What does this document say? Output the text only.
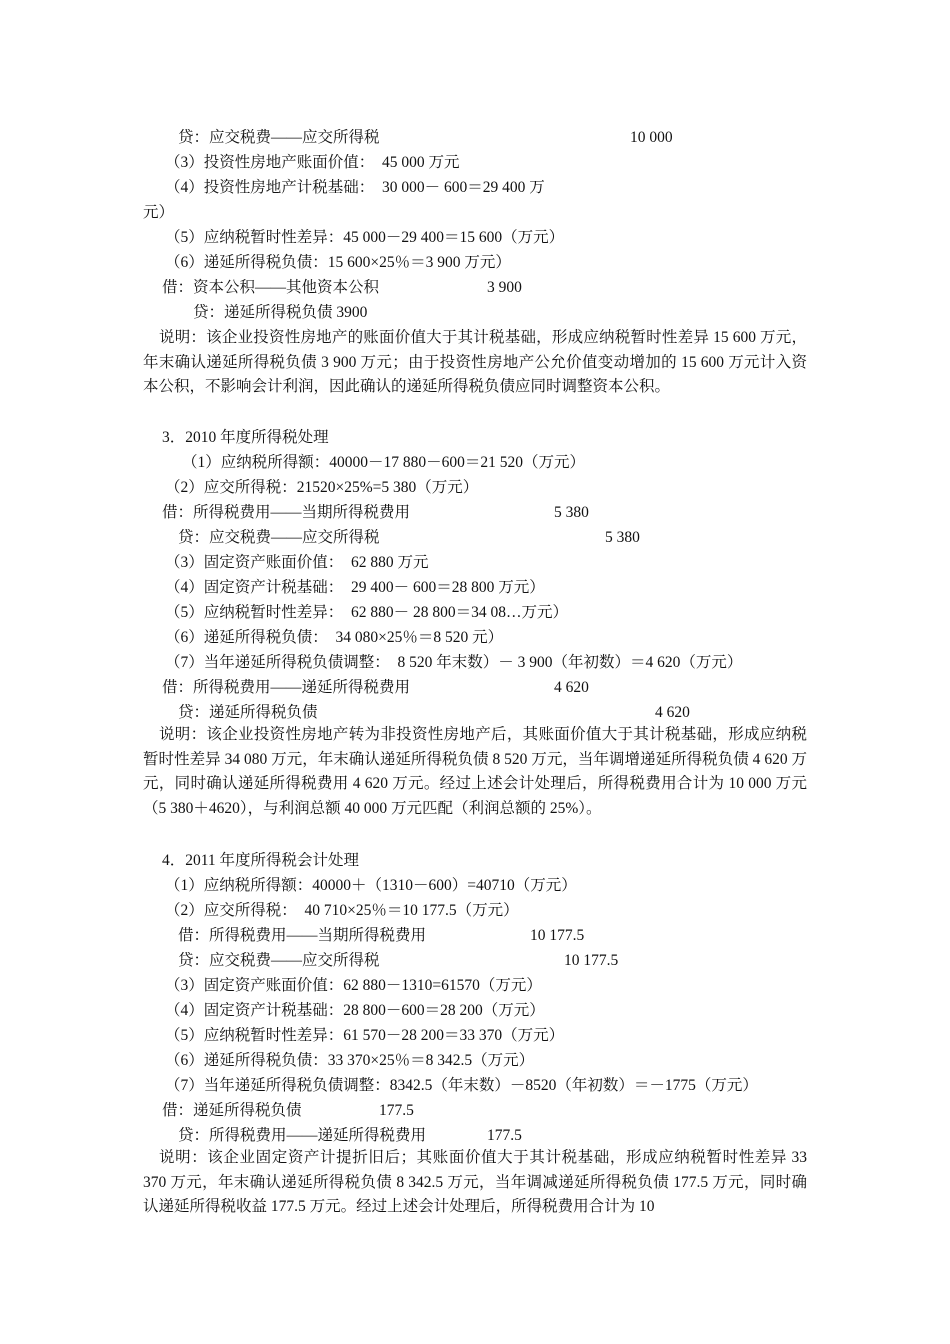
贷：应交税费——应交所得税	10 000
（3）投资性房地产账面价值：　45 000 万元
（4）投资性房地产计税基础：　30 000－ 600＝29 400 万
元）
（5）应纳税暂时性差异：45 000－29 400＝15 600（万元）
（6）递延所得税负债：15 600×25％＝3 900 万元）
借：资本公积——其他资本公积	3 900
贷：递延所得税负债 3900

说明：该企业投资性房地产的账面价值大于其计税基础，形成应纳税暂时性差异 15 600 万元，年末确认递延所得税负债 3 900 万元；由于投资性房地产公允价值变动增加的 15 600 万元计入资本公积，不影响会计利润，因此确认的递延所得税负债应同时调整资本公积。

3．2010 年度所得税处理
（1）应纳税所得额：40000－17 880－600＝21 520（万元）
（2）应交所得税：21520×25%=5 380（万元）
借：所得税费用——当期所得税费用	5 380
贷：应交税费——应交所得税	5 380
（3）固定资产账面价值：　62 880 万元
（4）固定资产计税基础：　29 400－ 600＝28 800 万元）
（5）应纳税暂时性差异：　62 880－ 28 800＝34 08…万元）
（6）递延所得税负债：　34 080×25％＝8 520 元）
（7）当年递延所得税负债调整：　8 520 年末数）－ 3 900（年初数）＝4 620（万元）
借：所得税费用——递延所得税费用	4 620
贷：递延所得税负债	4 620

说明：该企业投资性房地产转为非投资性房地产后，其账面价值大于其计税基础，形成应纳税暂时性差异 34 080 万元，年末确认递延所得税负债 8 520 万元，当年调增递延所得税负债 4 620 万元，同时确认递延所得税费用 4 620 万元。经过上述会计处理后，所得税费用合计为 10 000 万元（5 380＋4620），与利润总额 40 000 万元匹配（利润总额的 25%）。

4．2011 年度所得税会计处理
（1）应纳税所得额：40000＋（1310－600）=40710（万元）
（2）应交所得税：　40 710×25％＝10 177.5（万元）
借：所得税费用——当期所得税费用	10 177.5
贷：应交税费——应交所得税	10 177.5
（3）固定资产账面价值：62 880－1310=61570（万元）
（4）固定资产计税基础：28 800－600＝28 200（万元）
（5）应纳税暂时性差异：61 570－28 200＝33 370（万元）
（6）递延所得税负债：33 370×25％＝8 342.5（万元）
（7）当年递延所得税负债调整：8342.5（年末数）－8520（年初数）＝－1775（万元）
借：递延所得税负债	177.5
贷：所得税费用——递延所得税费用	177.5

说明：该企业固定资产计提折旧后；其账面价值大于其计税基础，形成应纳税暂时性差异 33 370 万元，年末确认递延所得税负债 8 342.5 万元，当年调减递延所得税负债 177.5 万元，同时确认递延所得税收益 177.5 万元。经过上述会计处理后，所得税费用合计为 10
